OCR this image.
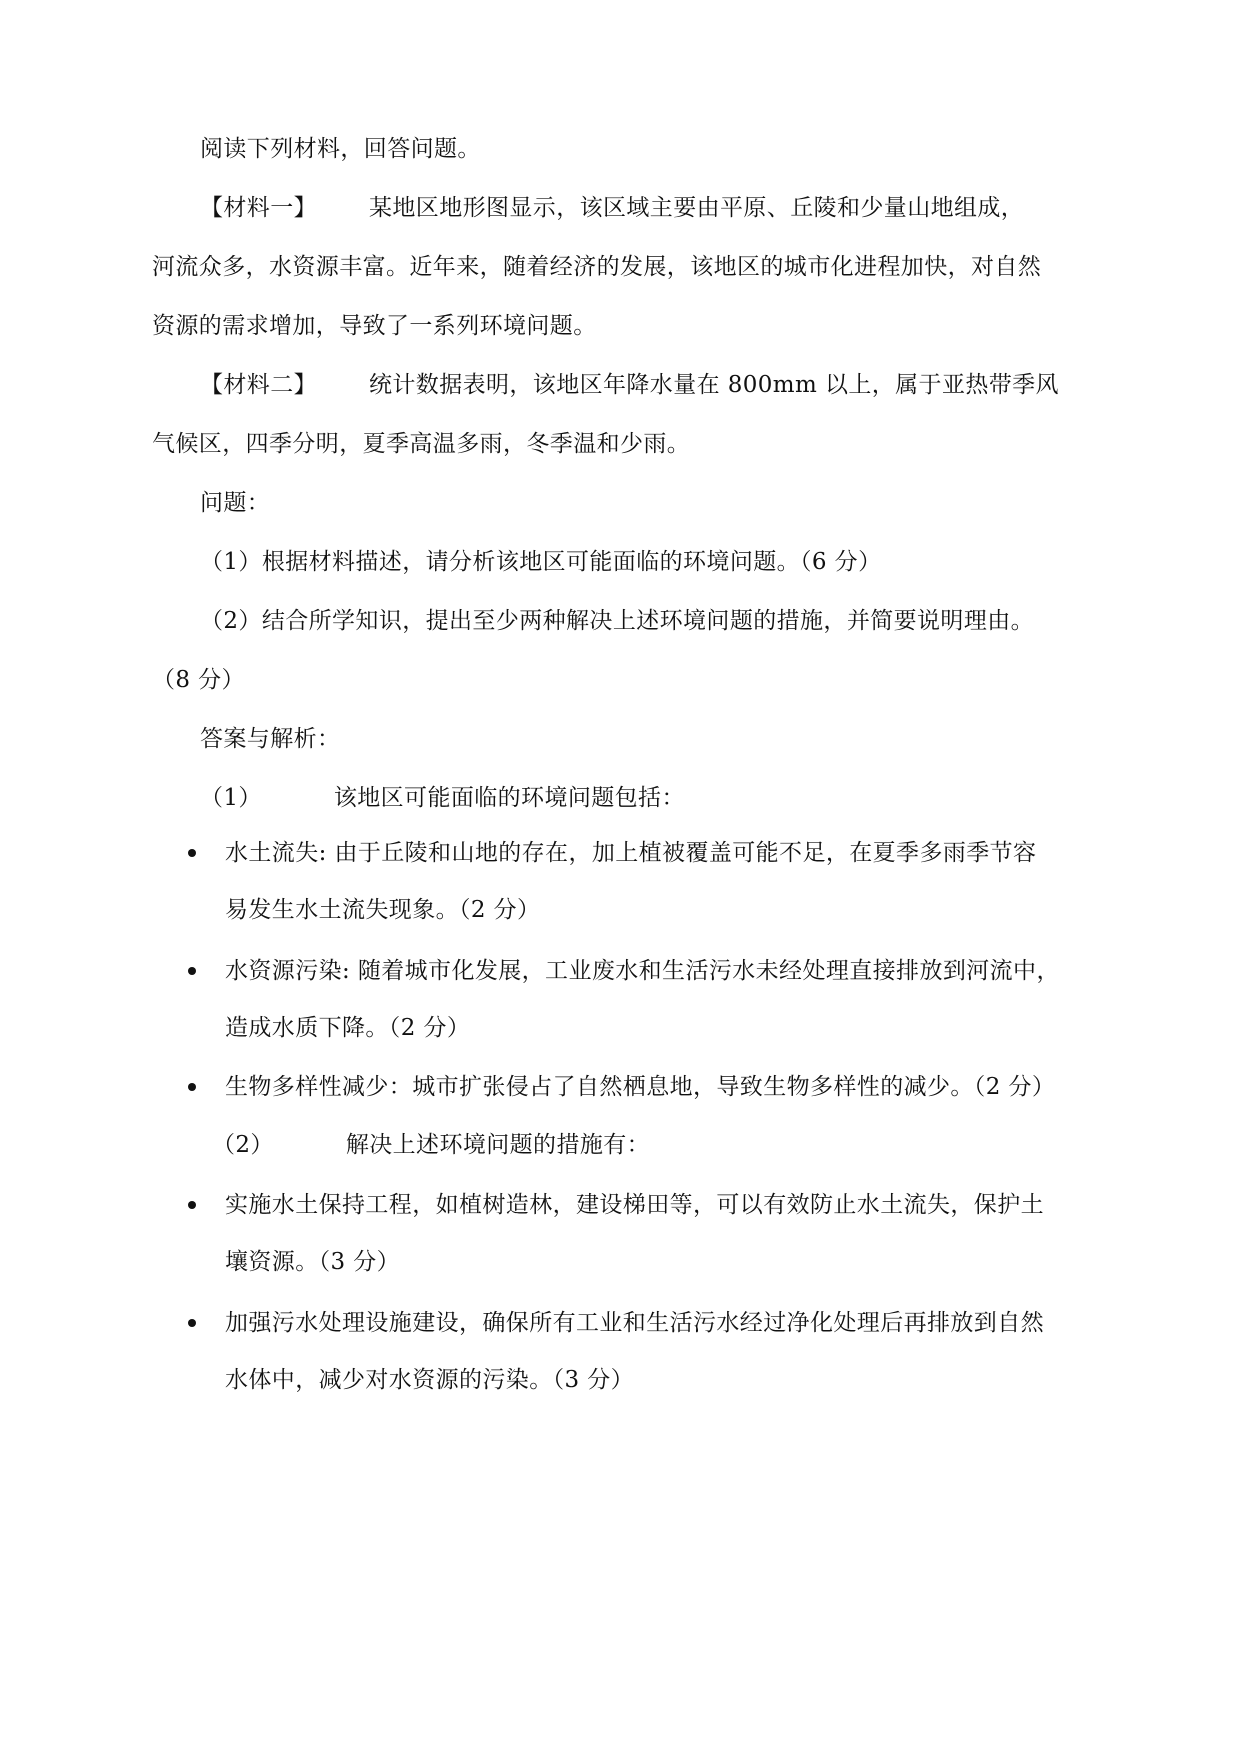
阅读下列材料，回答问题。
【材料一】 某地区地形图显示，该区域主要由平原、丘陵和少量山地组成，
河流众多，水资源丰富。近年来，随着经济的发展，该地区的城市化进程加快，对自然
资源的需求增加，导致了一系列环境问题。
【材料二】 统计数据表明，该地区年降水量在 800mm 以上，属于亚热带季风
气候区，四季分明，夏季高温多雨，冬季温和少雨。
问题：
（1）根据材料描述，请分析该地区可能面临的环境问题。（6 分）
（2）结合所学知识，提出至少两种解决上述环境问题的措施，并简要说明理由。
（8 分）
答案与解析：
（1）	该地区可能面临的环境问题包括：
水土流失: 由于丘陵和山地的存在，加上植被覆盖可能不足，在夏季多雨季节容
易发生水土流失现象。（2 分）
水资源污染: 随着城市化发展，工业废水和生活污水未经处理直接排放到河流中，
造成水质下降。（2 分）
生物多样性减少：城市扩张侵占了自然栖息地，导致生物多样性的减少。（2 分）
（2）	解决上述环境问题的措施有：
实施水土保持工程，如植树造林，建设梯田等，可以有效防止水土流失，保护土
壤资源。（3 分）
加强污水处理设施建设，确保所有工业和生活污水经过净化处理后再排放到自然
水体中，减少对水资源的污染。（3 分）
